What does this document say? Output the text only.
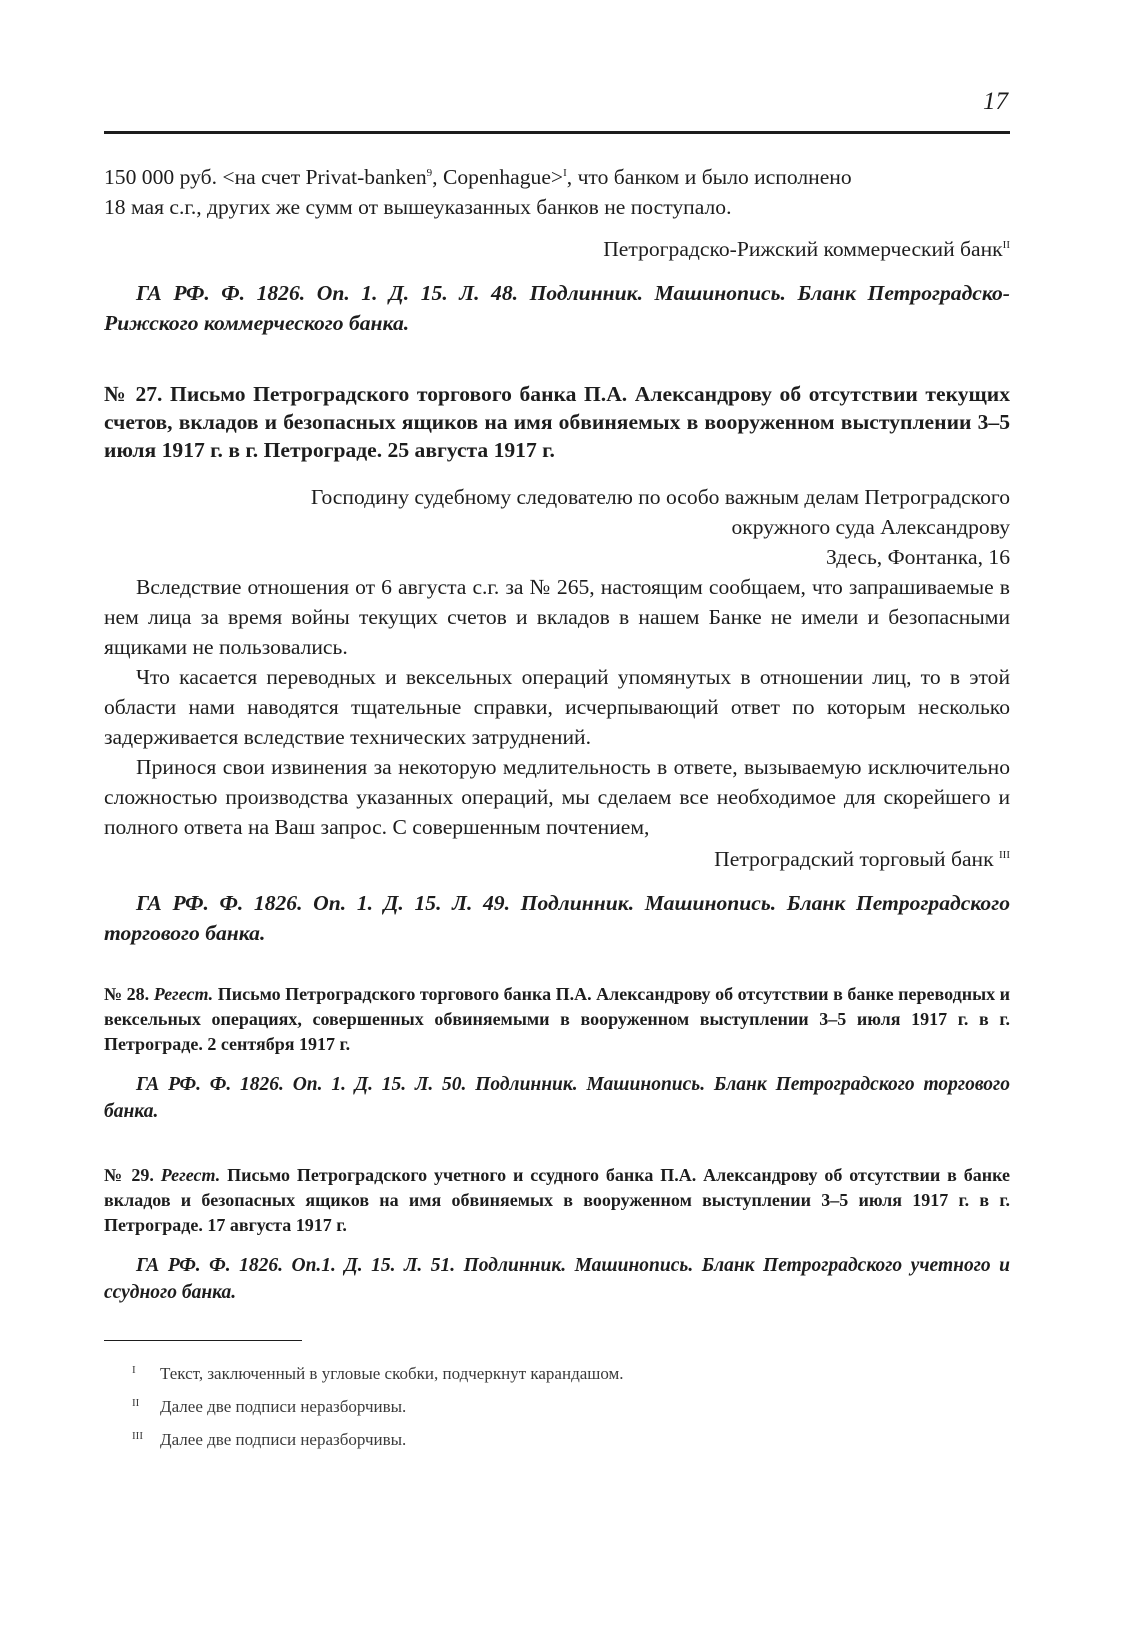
17

150 000 руб. <на счет Privat-banken$^9$, Copenhague>$^I$, что банком и было исполнено

18 мая с.г., других же сумм от вышеуказанных банков не поступало.

Петроградско-Рижский коммерческий банк$^{II}$

ГА РФ. Ф. 1826. Оп. 1. Д. 15. Л. 48. Подлинник. Машинопись. Бланк Петроградско-Рижского коммерческого банка.

№ 27. Письмо Петроградского торгового банка П.А. Александрову об отсутствии текущих счетов, вкладов и безопасных ящиков на имя обвиняемых в вооруженном выступлении 3–5 июля 1917 г. в г. Петрограде. 25 августа 1917 г.

Господину судебному следователю по особо важным делам Петроградского

окружного суда Александрову

Здесь, Фонтанка, 16

Вследствие отношения от 6 августа с.г. за № 265, настоящим сообщаем, что запрашиваемые в нем лица за время войны текущих счетов и вкладов в нашем Банке не имели и безопасными ящиками не пользовались.

Что касается переводных и вексельных операций упомянутых в отношении лиц, то в этой области нами наводятся тщательные справки, исчерпывающий ответ по которым несколько задерживается вследствие технических затруднений.

Принося свои извинения за некоторую медлительность в ответе, вызываемую исключительно сложностью производства указанных операций, мы сделаем все необходимое для скорейшего и полного ответа на Ваш запрос. С совершенным почтением,

Петроградский торговый банк $^{III}$

ГА РФ. Ф. 1826. Оп. 1. Д. 15. Л. 49. Подлинник. Машинопись. Бланк Петроградского торгового банка.

№ 28. Регест. Письмо Петроградского торгового банка П.А. Александрову об отсутствии в банке переводных и вексельных операциях, совершенных обвиняемыми в вооруженном выступлении 3–5 июля 1917 г. в г. Петрограде. 2 сентября 1917 г.

ГА РФ. Ф. 1826. Оп. 1. Д. 15. Л. 50. Подлинник. Машинопись. Бланк Петроградского торгового банка.

№ 29. Регест. Письмо Петроградского учетного и ссудного банка П.А. Александрову об отсутствии в банке вкладов и безопасных ящиков на имя обвиняемых в вооруженном выступлении 3–5 июля 1917 г. в г. Петрограде. 17 августа 1917 г.

ГА РФ. Ф. 1826. Оп.1. Д. 15. Л. 51. Подлинник. Машинопись. Бланк Петроградского учетного и ссудного банка.

I Текст, заключенный в угловые скобки, подчеркнут карандашом.

II Далее две подписи неразборчивы.

III Далее две подписи неразборчивы.
